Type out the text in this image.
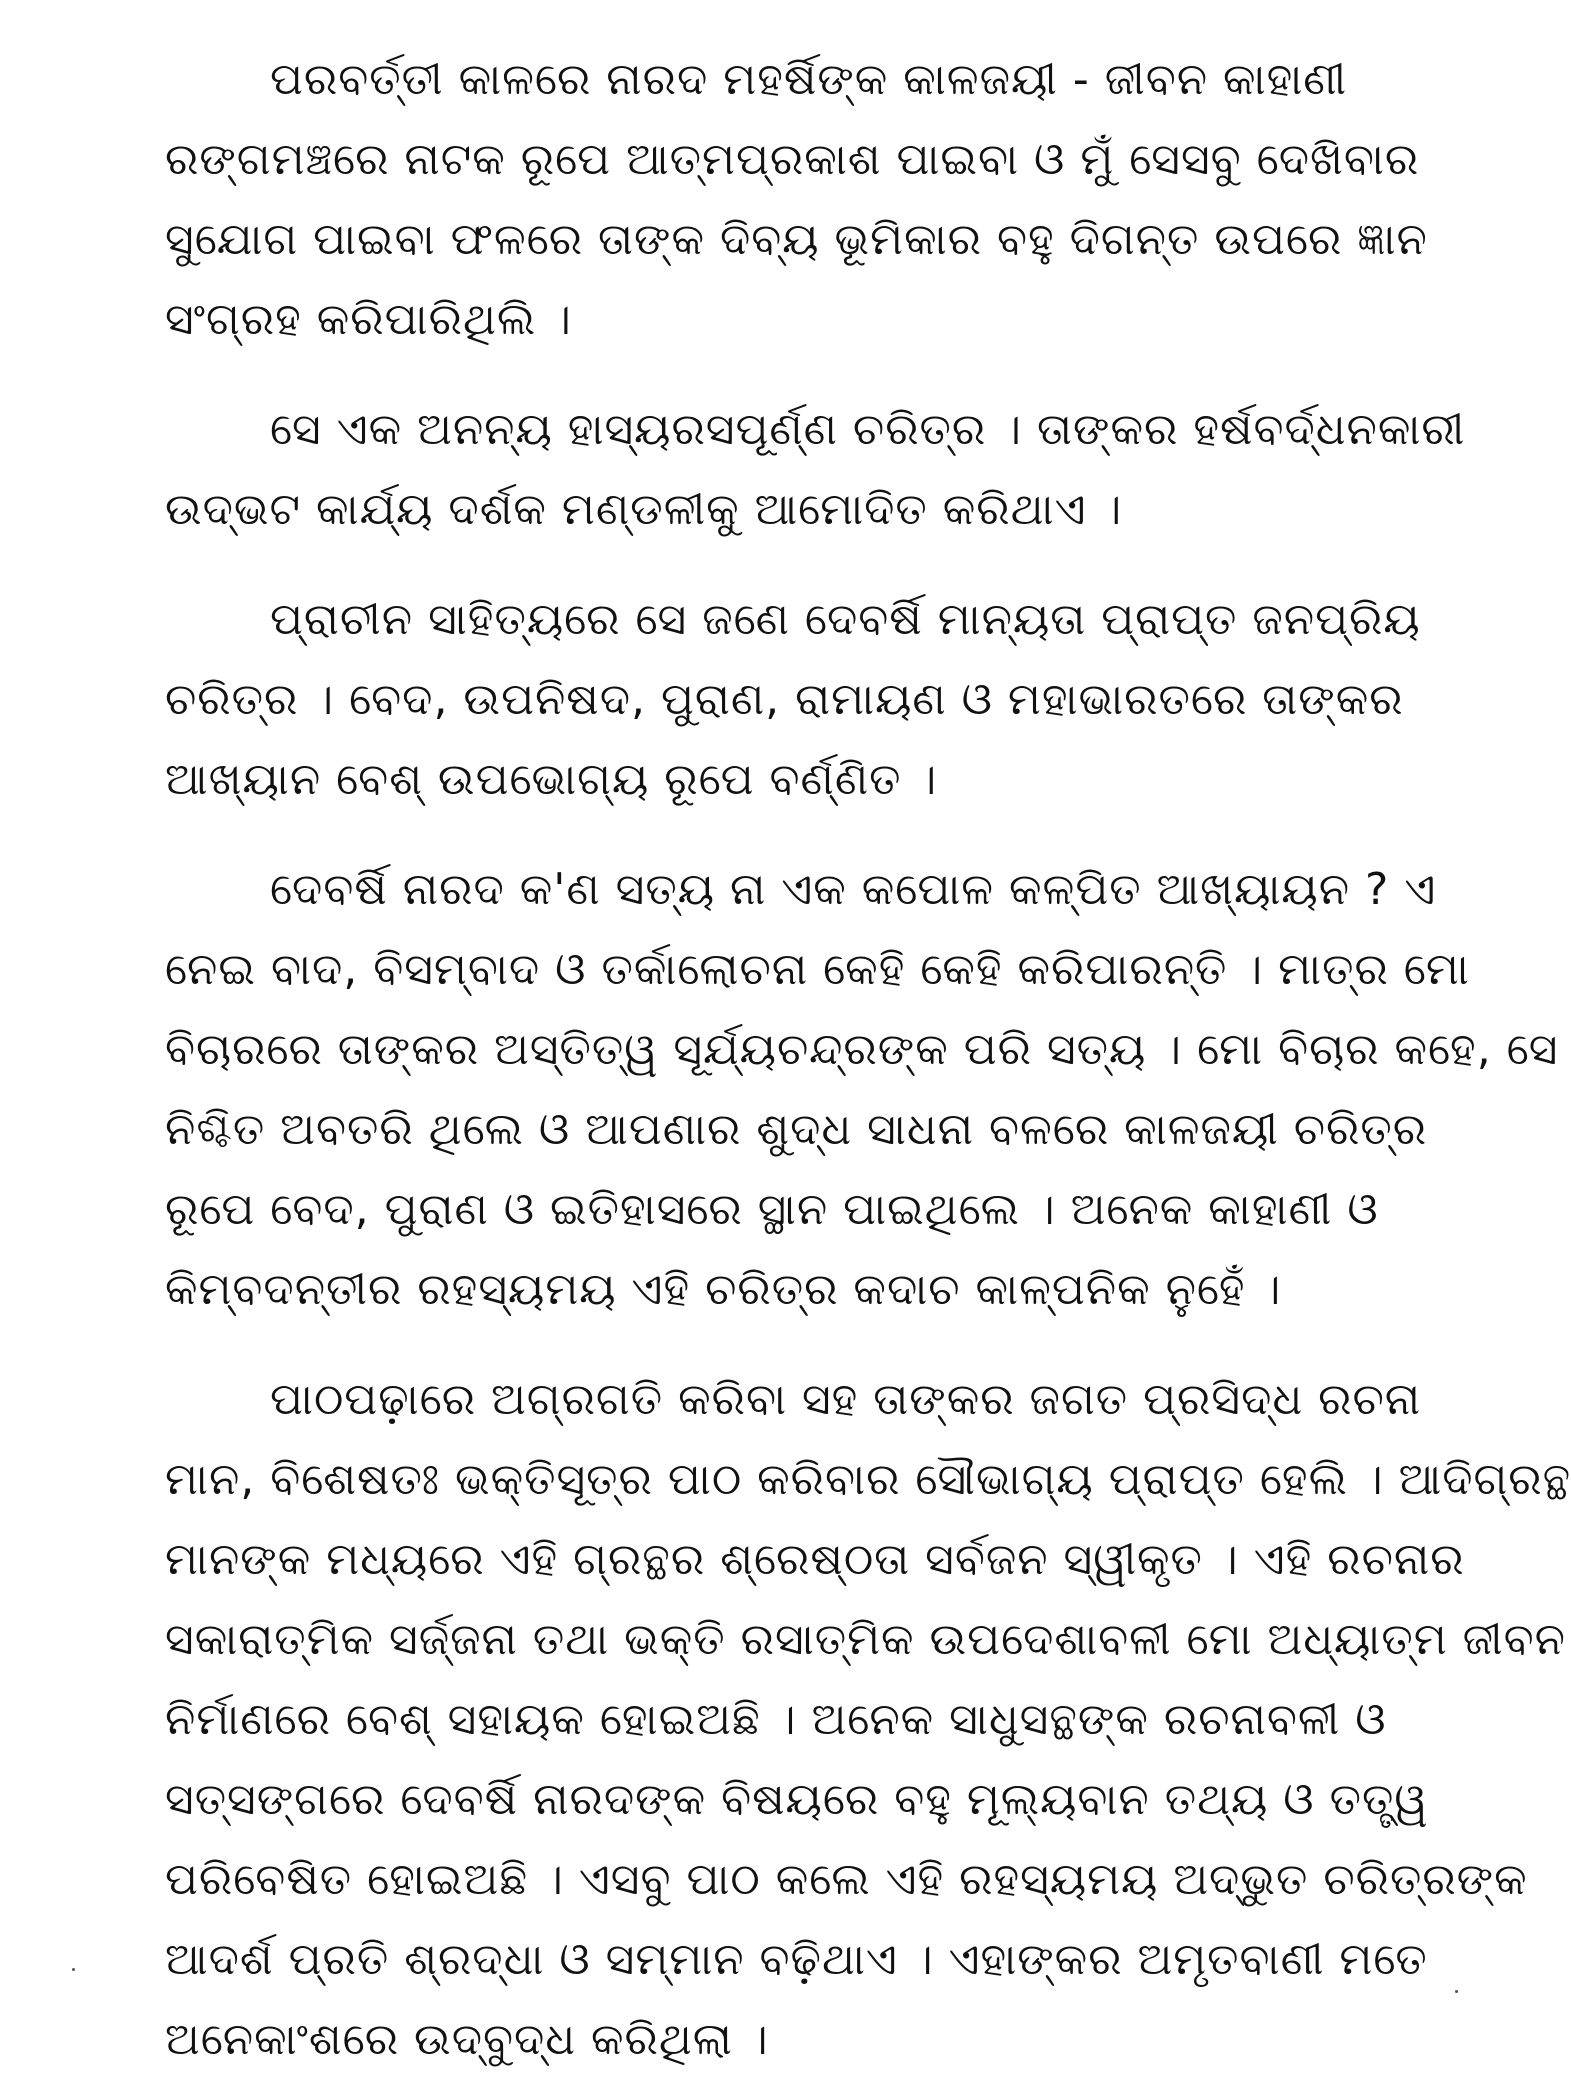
ପରବର୍ତ୍ତୀ କାଳରେ ନାରଦ ମହର୍ଷିଙ୍କ କାଳଜୟୀ - ଜୀବନ କାହାଣୀ
ରଙ୍ଗମଞ୍ଚରେ ନାଟକ ରୂପେ ଆତ୍ମପ୍ରକାଶ ପାଇବା ଓ ମୁଁ ସେସବୁ ଦେଖିବାର
ସୁଯୋଗ ପାଇବା ଫଳରେ ତାଙ୍କ ଦିବ୍ୟ ଭୂମିକାର ବହୁ ଦିଗନ୍ତ ଉପରେ ଜ୍ଞାନ
ସଂଗ୍ରହ କରିପାରିଥିଲି ।

ସେ ଏକ ଅନନ୍ୟ ହାସ୍ୟରସପୂର୍ଣ୍ଣ ଚରିତ୍ର । ତାଙ୍କର ହର୍ଷବର୍ଦ୍ଧନକାରୀ
ଉଦ୍ଭଟ କାର୍ଯ୍ୟ ଦର୍ଶକ ମଣ୍ଡଳୀକୁ ଆମୋଦିତ କରିଥାଏ ।

ପ୍ରାଚୀନ ସାହିତ୍ୟରେ ସେ ଜଣେ ଦେବର୍ଷି ମାନ୍ୟତା ପ୍ରାପ୍ତ ଜନପ୍ରିୟ
ଚରିତ୍ର । ବେଦ, ଉପନିଷଦ, ପୁରାଣ, ରାମାୟଣ ଓ ମହାଭାରତରେ ତାଙ୍କର
ଆଖ୍ୟାନ ବେଶ୍ ଉପଭୋଗ୍ୟ ରୂପେ ବର୍ଣ୍ଣିତ ।

ଦେବର୍ଷି ନାରଦ କ'ଣ ସତ୍ୟ ନା ଏକ କପୋଳ କଳ୍ପିତ ଆଖ୍ୟାୟନ ? ଏ
ନେଇ ବାଦ, ବିସମ୍ବାଦ ଓ ତର୍କାଲୋଚନା କେହି କେହି କରିପାରନ୍ତି । ମାତ୍ର ମୋ
ବିଚାରରେ ତାଙ୍କର ଅସ୍ତିତ୍ୱ ସୂର୍ଯ୍ୟଚନ୍ଦ୍ରଙ୍କ ପରି ସତ୍ୟ । ମୋ ବିଚାର କହେ, ସେ
ନିଶ୍ଚିତ ଅବତରି ଥିଲେ ଓ ଆପଣାର ଶୁଦ୍ଧ ସାଧନା ବଳରେ କାଳଜୟୀ ଚରିତ୍ର
ରୂପେ ବେଦ, ପୁରାଣ ଓ ଇତିହାସରେ ସ୍ଥାନ ପାଇଥିଲେ । ଅନେକ କାହାଣୀ ଓ
କିମ୍ବଦନ୍ତୀର ରହସ୍ୟମୟ ଏହି ଚରିତ୍ର କଦାଚ କାଳ୍ପନିକ ନୁହେଁ ।

ପାଠପଢ଼ାରେ ଅଗ୍ରଗତି କରିବା ସହ ତାଙ୍କର ଜଗତ ପ୍ରସିଦ୍ଧ ରଚନା
ମାନ, ବିଶେଷତଃ ଭକ୍ତିସୂତ୍ର ପାଠ କରିବାର ସୌଭାଗ୍ୟ ପ୍ରାପ୍ତ ହେଲି । ଆଦିଗ୍ରନ୍ଥ
ମାନଙ୍କ ମଧ୍ୟରେ ଏହି ଗ୍ରନ୍ଥର ଶ୍ରେଷ୍ଠତା ସର୍ବଜନ ସ୍ୱୀକୃତ । ଏହି ରଚନାର
ସକାରାତ୍ମିକ ସର୍ଜ୍ଜନା ତଥା ଭକ୍ତି ରସାତ୍ମିକ ଉପଦେଶାବଳୀ ମୋ ଅଧ୍ୟାତ୍ମ ଜୀବନ
ନିର୍ମାଣରେ ବେଶ୍ ସହାୟକ ହୋଇଅଛି । ଅନେକ ସାଧୁସନ୍ଥଙ୍କ ରଚନାବଳୀ ଓ
ସତ୍‌ସଙ୍ଗରେ ଦେବର୍ଷି ନାରଦଙ୍କ ବିଷୟରେ ବହୁ ମୂଲ୍ୟବାନ ତଥ୍ୟ ଓ ତତ୍ତ୍ୱ
ପରିବେଷିତ ହୋଇଅଛି । ଏସବୁ ପାଠ କଲେ ଏହି ରହସ୍ୟମୟ ଅଦ୍ଭୁତ ଚରିତ୍ରଙ୍କ
ଆଦର୍ଶ ପ୍ରତି ଶ୍ରଦ୍ଧା ଓ ସମ୍ମାନ ବଢ଼ିଥାଏ । ଏହାଙ୍କର ଅମୃତବାଣୀ ମତେ
ଅନେକାଂଶରେ ଉଦ୍‌ବୁଦ୍ଧ କରିଥିଲା ।
